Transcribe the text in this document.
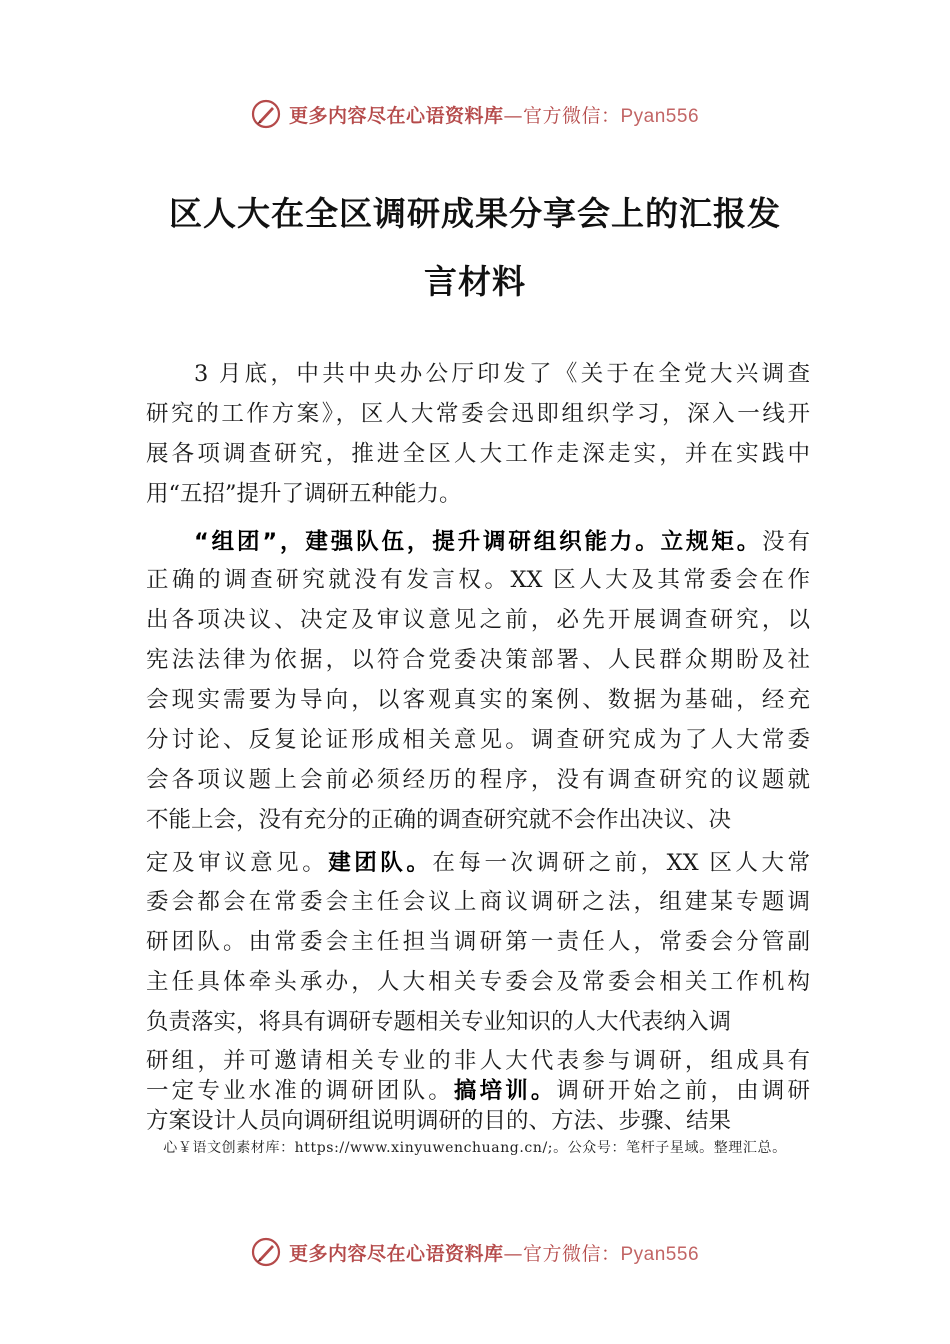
更多内容尽在心语资料库—官方微信：Pyan556
区人大在全区调研成果分享会上的汇报发
言材料
3 月底，中共中央办公厅印发了《关于在全党大兴调查
研究的工作方案》，区人大常委会迅即组织学习，深入一线开
展各项调查研究，推进全区人大工作走深走实，并在实践中
用“五招”提升了调研五种能力。
“组团”，建强队伍，提升调研组织能力。立规矩。没有
正确的调查研究就没有发言权。XX 区人大及其常委会在作
出各项决议、决定及审议意见之前，必先开展调查研究，以
宪法法律为依据，以符合党委决策部署、人民群众期盼及社
会现实需要为导向，以客观真实的案例、数据为基础，经充
分讨论、反复论证形成相关意见。调查研究成为了人大常委
会各项议题上会前必须经历的程序，没有调查研究的议题就
不能上会，没有充分的正确的调查研究就不会作出决议、决
定及审议意见。建团队。在每一次调研之前，XX 区人大常
委会都会在常委会主任会议上商议调研之法，组建某专题调
研团队。由常委会主任担当调研第一责任人，常委会分管副
主任具体牵头承办，人大相关专委会及常委会相关工作机构
负责落实，将具有调研专题相关专业知识的人大代表纳入调
研组，并可邀请相关专业的非人大代表参与调研，组成具有
一定专业水准的调研团队。搞培训。调研开始之前，由调研
方案设计人员向调研组说明调研的目的、方法、步骤、结果
心￥语文创素材库：https://www.xinyuwenchuang.cn/;。公众号：笔杆子星域。整理汇总。
更多内容尽在心语资料库—官方微信：Pyan556
